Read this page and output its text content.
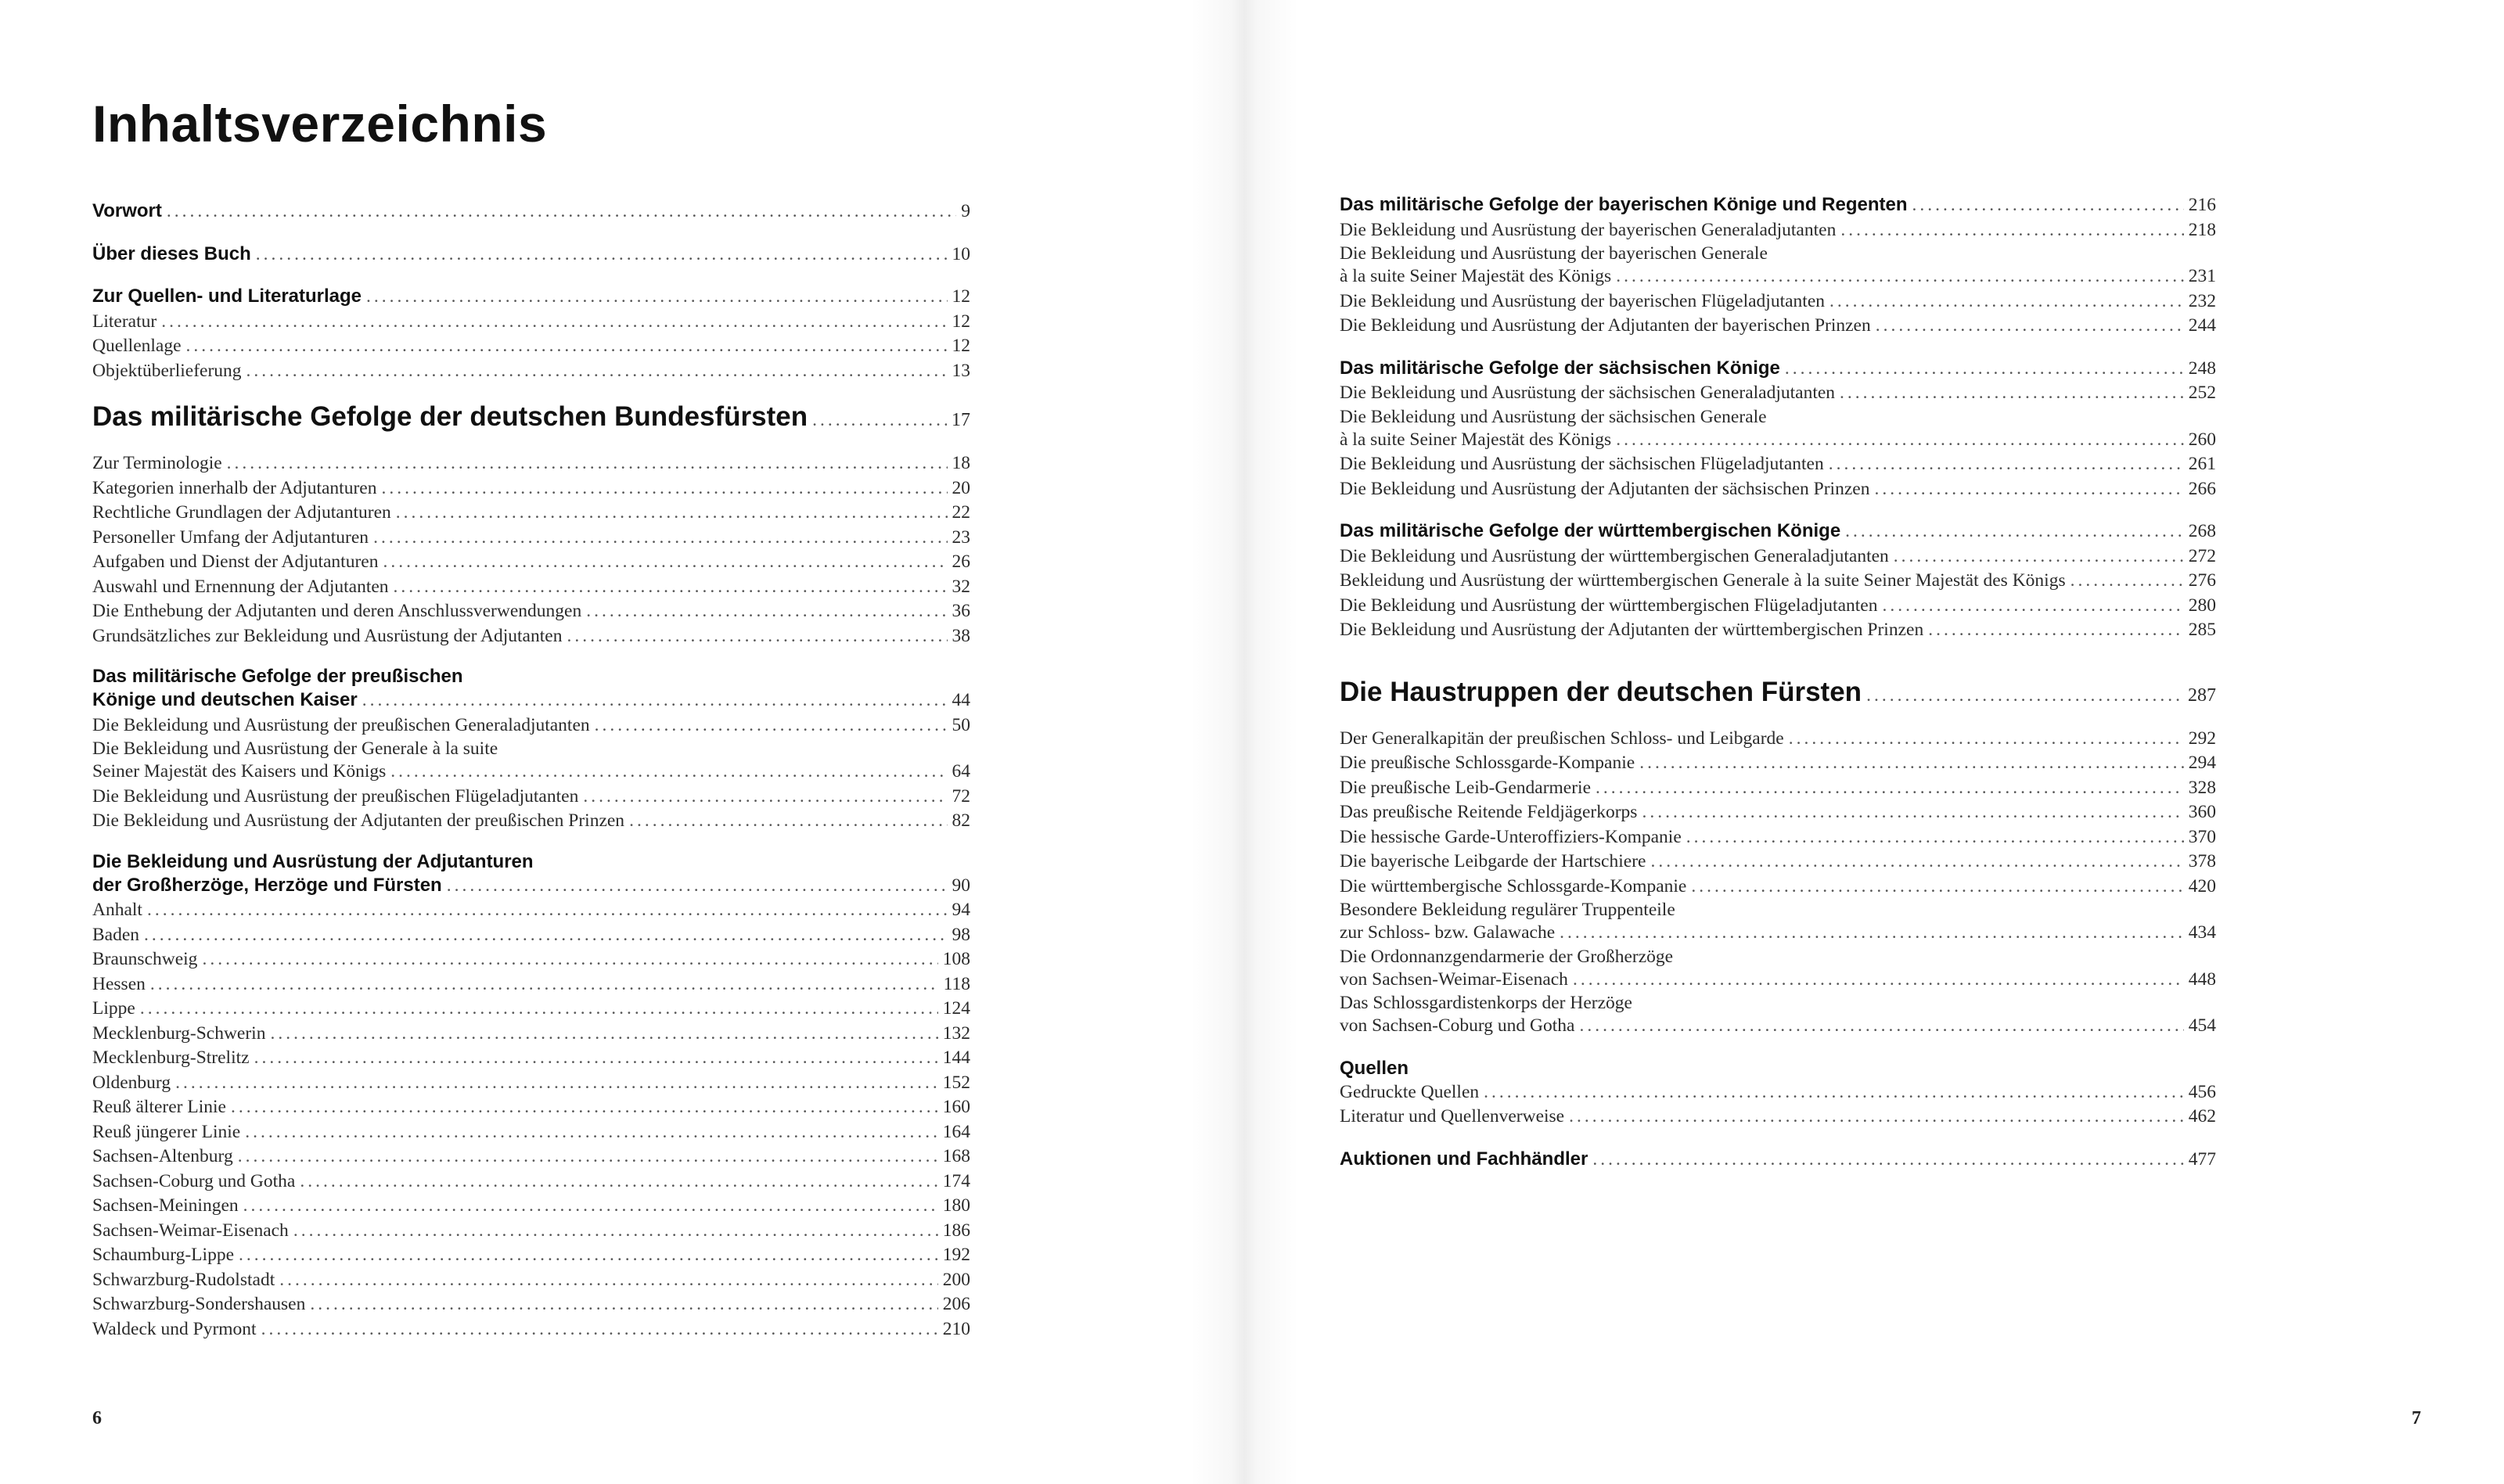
Inhaltsverzeichnis
Vorwort .....	9
Über dieses Buch .....	10
Zur Quellen- und Literaturlage .....	12
Literatur .....	12
Quellenlage .....	12
Objektüberlieferung .....	13
Das militärische Gefolge der deutschen Bundesfürsten .....	17
Zur Terminologie .....	18
Kategorien innerhalb der Adjutanturen .....	20
Rechtliche Grundlagen der Adjutanturen .....	22
Personeller Umfang der Adjutanturen .....	23
Aufgaben und Dienst der Adjutanturen .....	26
Auswahl und Ernennung der Adjutanten .....	32
Die Enthebung der Adjutanten und deren Anschlussverwendungen .....	36
Grundsätzliches zur Bekleidung und Ausrüstung der Adjutanten .....	38
Das militärische Gefolge der preußischen
Könige und deutschen Kaiser .....	44
Die Bekleidung und Ausrüstung der preußischen Generaladjutanten .....	50
Die Bekleidung und Ausrüstung der Generale à la suite
Seiner Majestät des Kaisers und Königs .....	64
Die Bekleidung und Ausrüstung der preußischen Flügeladjutanten .....	72
Die Bekleidung und Ausrüstung der Adjutanten der preußischen Prinzen .....	82
Die Bekleidung und Ausrüstung der Adjutanturen
der Großherzöge, Herzöge und Fürsten .....	90
Anhalt .....	94
Baden .....	98
Braunschweig .....	108
Hessen .....	118
Lippe .....	124
Mecklenburg-Schwerin .....	132
Mecklenburg-Strelitz .....	144
Oldenburg .....	152
Reuß älterer Linie .....	160
Reuß jüngerer Linie .....	164
Sachsen-Altenburg .....	168
Sachsen-Coburg und Gotha .....	174
Sachsen-Meiningen .....	180
Sachsen-Weimar-Eisenach .....	186
Schaumburg-Lippe .....	192
Schwarzburg-Rudolstadt .....	200
Schwarzburg-Sondershausen .....	206
Waldeck und Pyrmont .....	210
6
Das militärische Gefolge der bayerischen Könige und Regenten .....	216
Die Bekleidung und Ausrüstung der bayerischen Generaladjutanten .....	218
Die Bekleidung und Ausrüstung der bayerischen Generale
à la suite Seiner Majestät des Königs .....	231
Die Bekleidung und Ausrüstung der bayerischen Flügeladjutanten .....	232
Die Bekleidung und Ausrüstung der Adjutanten der bayerischen Prinzen .....	244
Das militärische Gefolge der sächsischen Könige .....	248
Die Bekleidung und Ausrüstung der sächsischen Generaladjutanten .....	252
Die Bekleidung und Ausrüstung der sächsischen Generale
à la suite Seiner Majestät des Königs .....	260
Die Bekleidung und Ausrüstung der sächsischen Flügeladjutanten .....	261
Die Bekleidung und Ausrüstung der Adjutanten der sächsischen Prinzen .....	266
Das militärische Gefolge der württembergischen Könige .....	268
Die Bekleidung und Ausrüstung der württembergischen Generaladjutanten .....	272
Bekleidung und Ausrüstung der württembergischen Generale à la suite Seiner Majestät des Königs .....	276
Die Bekleidung und Ausrüstung der württembergischen Flügeladjutanten .....	280
Die Bekleidung und Ausrüstung der Adjutanten der württembergischen Prinzen .....	285
Die Haustruppen der deutschen Fürsten .....	287
Der Generalkapitän der preußischen Schloss- und Leibgarde .....	292
Die preußische Schlossgarde-Kompanie .....	294
Die preußische Leib-Gendarmerie .....	328
Das preußische Reitende Feldjägerkorps .....	360
Die hessische Garde-Unteroffiziers-Kompanie .....	370
Die bayerische Leibgarde der Hartschiere .....	378
Die württembergische Schlossgarde-Kompanie .....	420
Besondere Bekleidung regulärer Truppenteile
zur Schloss- bzw. Galawache .....	434
Die Ordonnanzgendarmerie der Großherzöge
von Sachsen-Weimar-Eisenach .....	448
Das Schlossgardistenkorps der Herzöge
von Sachsen-Coburg und Gotha .....	454
Quellen
Gedruckte Quellen .....	456
Literatur und Quellenverweise .....	462
Auktionen und Fachhändler .....	477
7
